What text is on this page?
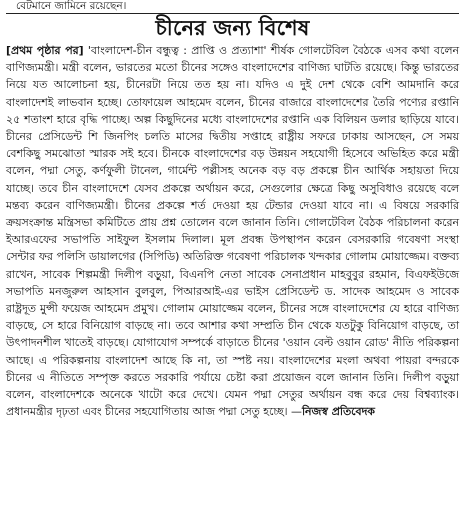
বেটমানে জামিনে রয়েছেন।
চীনের জন্য বিশেষ

[প্রথম পৃষ্ঠার পর] 'বাংলাদেশ-চীন বন্ধুত্ব : প্রাপ্তি ও প্রত্যাশা' শীর্ষক গোলটেবিল বৈঠকে এসব কথা বলেন বাণিজ্যমন্ত্রী। মন্ত্রী বলেন, ভারতের মতো চীনের সঙ্গেও বাংলাদেশের বাণিজ্য ঘাটতি রয়েছে। কিন্তু ভারতের নিয়ে যত আলোচনা হয়, চীনেরটা নিয়ে তত হয় না। যদিও এ দুই দেশ থেকে বেশি আমদানি করে বাংলাদেশই লাভবান হচ্ছে। তোফায়েল আহমেদ বলেন, চীনের বাজারে বাংলাদেশের তৈরি পণ্যের রপ্তানি ২৫ শতাংশ হারে বৃদ্ধি পাচ্ছে। অল্প কিছুদিনের মধ্যে বাংলাদেশের রপ্তানি এক বিলিয়ন ডলার ছাড়িয়ে যাবে। চীনের প্রেসিডেন্ট শি জিনপিং চলতি মাসের দ্বিতীয় সপ্তাহে রাষ্ট্রীয় সফরে ঢাকায় আসছেন, সে সময় বেশকিছু সমঝোতা স্মারক সই হবে। চীনকে বাংলাদেশের বড় উন্নয়ন সহযোগী হিসেবে অভিহিত করে মন্ত্রী বলেন, পদ্মা সেতু, কর্ণফুলী টানেল, গার্মেন্ট পল্লীসহ অনেক বড় বড় প্রকল্পে চীন আর্থিক সহায়তা দিয়ে যাচ্ছে। তবে চীন বাংলাদেশে যেসব প্রকল্পে অর্থায়ন করে, সেগুলোর ক্ষেত্রে কিছু অসুবিধাও রয়েছে বলে মন্তব্য করেন বাণিজ্যমন্ত্রী। চীনের প্রকল্পে শর্ত দেওয়া হয় টেন্ডার দেওয়া যাবে না। এ বিষয়ে সরকারি ক্রয়সংক্রান্ত মন্ত্রিসভা কমিটিতে প্রায় প্রশ্ন তোলেন বলে জানান তিনি। গোলটেবিল বৈঠক পরিচালনা করেন ইআরএফের সভাপতি সাইফুল ইসলাম দিলাল। মূল প্রবন্ধ উপস্থাপন করেন বেসরকারি গবেষণা সংস্থা সেন্টার ফর পলিসি ডায়ালগের (সিপিডি) অতিরিক্ত গবেষণা পরিচালক খন্দকার গোলাম মোয়াজ্জেম। বক্তব্য রাখেন, সাবেক শিল্পমন্ত্রী দিলীপ বড়ুয়া, বিএনপি নেতা সাবেক সেনাপ্রধান মাহবুবুর রহমান, বিএফইউজে সভাপতি মনজুরুল আহসান বুলবুল, পিআরআই-এর ভাইস প্রেসিডেন্ট ড. সাদেক আহমেদ ও সাবেক রাষ্ট্রদূত মুন্সী ফয়েজ আহমেদ প্রমুখ। গোলাম মোয়াজ্জেম বলেন, চীনের সঙ্গে বাংলাদেশের যে হারে বাণিজ্য বাড়ছে, সে হারে বিনিয়োগ বাড়ছে না। তবে আশার কথা সম্প্রতি চীন থেকে যতটুকু বিনিয়োগ বাড়ছে, তা উৎপাদনশীল খাতেই বাড়ছে। যোগাযোগ সম্পর্কে বাড়াতে চীনের 'ওয়ান বেল্ট ওয়ান রোড' নীতি পরিকল্পনা আছে। এ পরিকল্পনায় বাংলাদেশ আছে কি না, তা স্পষ্ট নয়। বাংলাদেশের মংলা অথবা পায়রা বন্দরকে চীনের এ নীতিতে সম্পৃক্ত করতে সরকারি পর্যায়ে চেষ্টা করা প্রয়োজন বলে জানান তিনি। দিলীপ বড়ুয়া বলেন, বাংলাদেশকে অনেকে খাটো করে দেখে। যেমন পদ্মা সেতুর অর্থায়ন বন্ধ করে দেয় বিশ্বব্যাংক। প্রধানমন্ত্রীর দৃঢ়তা এবং চীনের সহযোগিতায় আজ পদ্মা সেতু হচ্ছে। —নিজস্ব প্রতিবেদক
